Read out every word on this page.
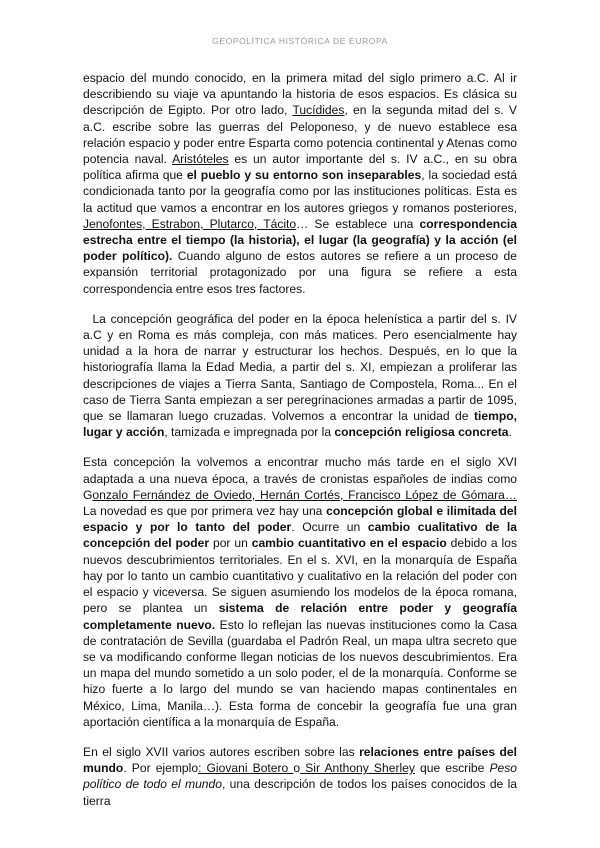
GEOPOLÍTICA HISTÓRICA DE EUROPA

espacio del mundo conocido, en la primera mitad del siglo primero a.C. Al ir describiendo su viaje va apuntando la historia de esos espacios. Es clásica su descripción de Egipto. Por otro lado, Tucídides, en la segunda mitad del s. V a.C. escribe sobre las guerras del Peloponeso, y de nuevo establece esa relación espacio y poder entre Esparta como potencia continental y Atenas como potencia naval. Aristóteles es un autor importante del s. IV a.C., en su obra política afirma que el pueblo y su entorno son inseparables, la sociedad está condicionada tanto por la geografía como por las instituciones políticas. Esta es la actitud que vamos a encontrar en los autores griegos y romanos posteriores, Jenofontes, Estrabon, Plutarco, Tácito… Se establece una correspondencia estrecha entre el tiempo (la historia), el lugar (la geografía) y la acción (el poder político). Cuando alguno de estos autores se refiere a un proceso de expansión territorial protagonizado por una figura se refiere a esta correspondencia entre esos tres factores.

La concepción geográfica del poder en la época helenística a partir del s. IV a.C y en Roma es más compleja, con más matices. Pero esencialmente hay unidad a la hora de narrar y estructurar los hechos. Después, en lo que la historiografía llama la Edad Media, a partir del s. XI, empiezan a proliferar las descripciones de viajes a Tierra Santa, Santiago de Compostela, Roma... En el caso de Tierra Santa empiezan a ser peregrinaciones armadas a partir de 1095, que se llamaran luego cruzadas. Volvemos a encontrar la unidad de tiempo, lugar y acción, tamizada e impregnada por la concepción religiosa concreta.

Esta concepción la volvemos a encontrar mucho más tarde en el siglo XVI adaptada a una nueva época, a través de cronistas españoles de indias como Gonzalo Fernández de Oviedo, Hernán Cortés, Francisco López de Gómara… La novedad es que por primera vez hay una concepción global e ilimitada del espacio y por lo tanto del poder. Ocurre un cambio cualitativo de la concepción del poder por un cambio cuantitativo en el espacio debido a los nuevos descubrimientos territoriales. En el s. XVI, en la monarquía de España hay por lo tanto un cambio cuantitativo y cualitativo en la relación del poder con el espacio y viceversa. Se siguen asumiendo los modelos de la época romana, pero se plantea un sistema de relación entre poder y geografía completamente nuevo. Esto lo reflejan las nuevas instituciones como la Casa de contratación de Sevilla (guardaba el Padrón Real, un mapa ultra secreto que se va modificando conforme llegan noticias de los nuevos descubrimientos. Era un mapa del mundo sometido a un solo poder, el de la monarquía. Conforme se hizo fuerte a lo largo del mundo se van haciendo mapas continentales en México, Lima, Manila…). Esta forma de concebir la geografía fue una gran aportación científica a la monarquía de España.

En el siglo XVII varios autores escriben sobre las relaciones entre países del mundo. Por ejemplo: Giovani Botero o Sir Anthony Sherley que escribe Peso político de todo el mundo, una descripción de todos los países conocidos de la tierra
